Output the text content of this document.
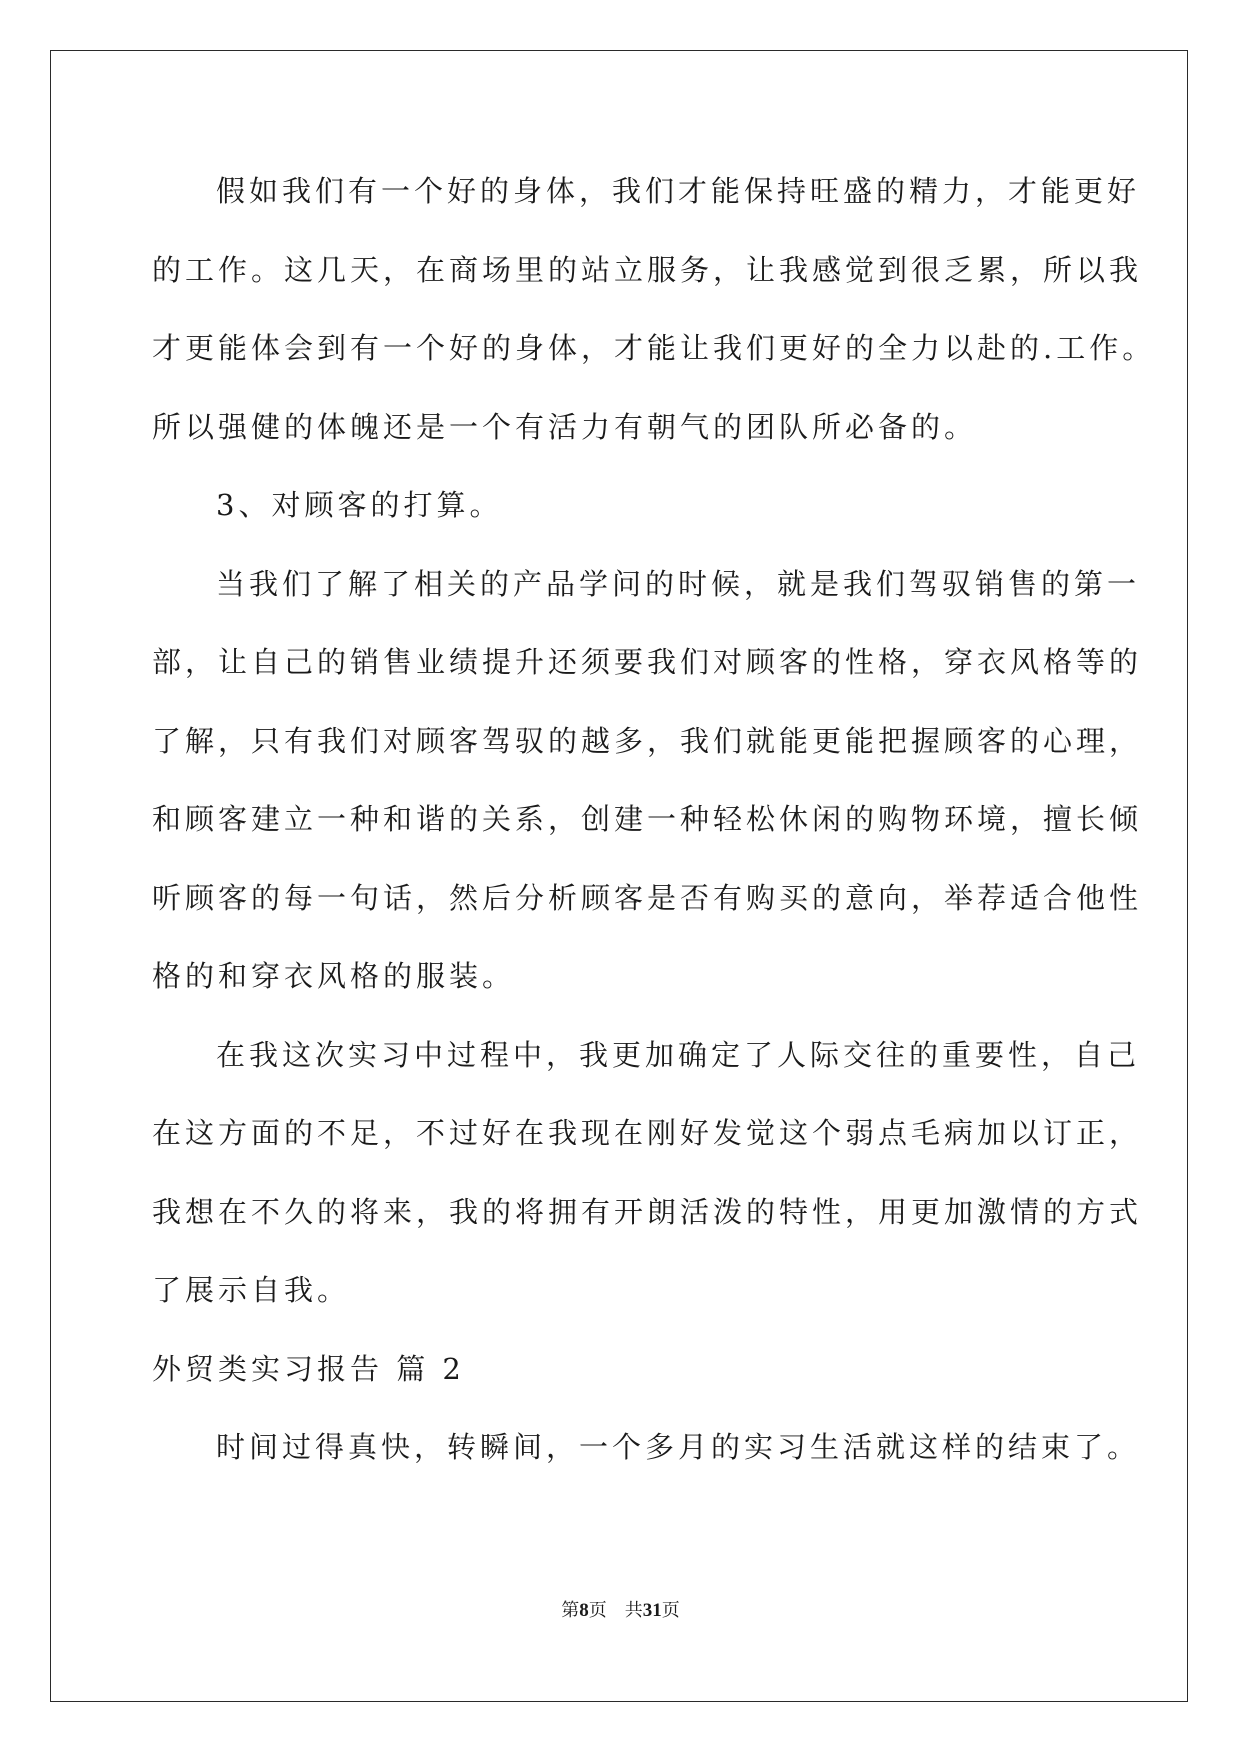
假如我们有一个好的身体，我们才能保持旺盛的精力，才能更好
的工作。这几天，在商场里的站立服务，让我感觉到很乏累，所以我
才更能体会到有一个好的身体，才能让我们更好的全力以赴的.工作。
所以强健的体魄还是一个有活力有朝气的团队所必备的。
3、对顾客的打算。
当我们了解了相关的产品学问的时候，就是我们驾驭销售的第一
部，让自己的销售业绩提升还须要我们对顾客的性格，穿衣风格等的
了解，只有我们对顾客驾驭的越多，我们就能更能把握顾客的心理，
和顾客建立一种和谐的关系，创建一种轻松休闲的购物环境，擅长倾
听顾客的每一句话，然后分析顾客是否有购买的意向，举荐适合他性
格的和穿衣风格的服装。
在我这次实习中过程中，我更加确定了人际交往的重要性，自己
在这方面的不足，不过好在我现在刚好发觉这个弱点毛病加以订正，
我想在不久的将来，我的将拥有开朗活泼的特性，用更加激情的方式
了展示自我。
外贸类实习报告 篇 2
时间过得真快，转瞬间，一个多月的实习生活就这样的结束了。
第8页 共31页
